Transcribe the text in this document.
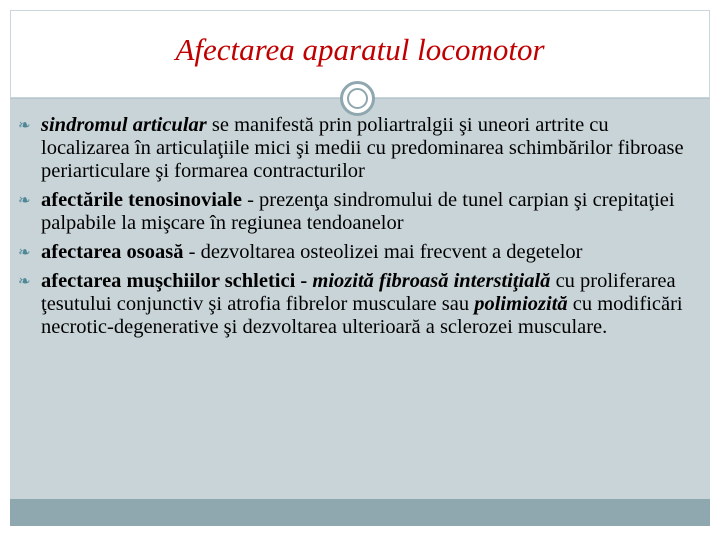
Afectarea aparatul locomotor
❧ sindromul articular se manifestă prin poliartralgii şi uneori artrite cu localizarea în articulaţiile mici şi medii cu predominarea schimbărilor fibroase periarticulare şi formarea contracturilor
❧ afectările tenosinoviale - prezenţa sindromului de tunel carpian şi crepitaţiei palpabile la mişcare în regiunea tendoanelor
❧ afectarea osoasă - dezvoltarea osteolizei mai frecvent a degetelor
❧ afectarea muşchiilor schletici - miozită fibroasă interstiţială cu proliferarea ţesutului conjunctiv şi atrofia fibrelor musculare sau polimiozită cu modificări necrotic-degenerative şi dezvoltarea ulterioară a sclerozei musculare.
